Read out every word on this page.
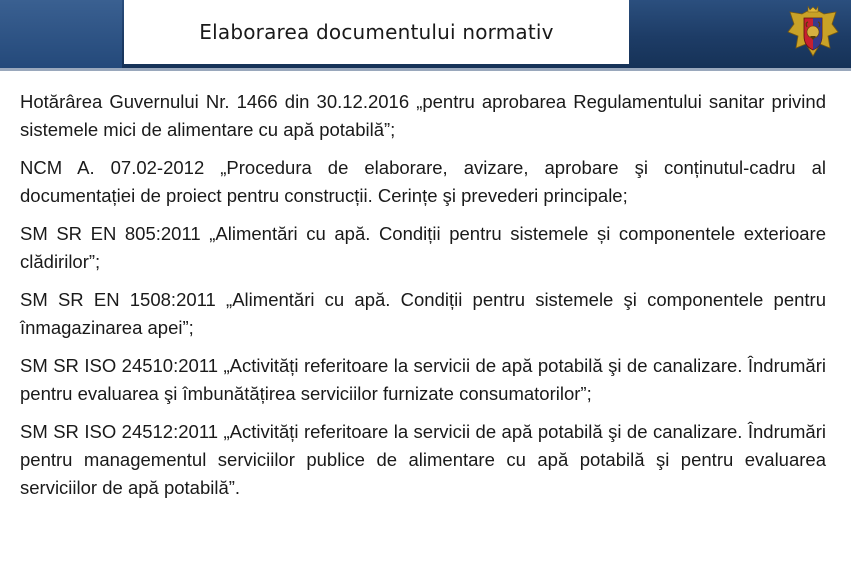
Elaborarea documentului normativ

Hotărârea Guvernului Nr. 1466 din 30.12.2016 „pentru aprobarea Regulamentului sanitar privind sistemele mici de alimentare cu apă potabilă”;

NCM A. 07.02-2012 „Procedura de elaborare, avizare, aprobare şi conținutul-cadru al documentației de proiect pentru construcții. Cerințe şi prevederi principale;

SM SR EN 805:2011 „Alimentări cu apă. Condiții pentru sistemele și componentele exterioare clădirilor”;

SM SR EN 1508:2011 „Alimentări cu apă. Condiții pentru sistemele şi componentele pentru înmagazinarea apei”;

SM SR ISO 24510:2011 „Activități referitoare la servicii de apă potabilă şi de canalizare. Îndrumări pentru evaluarea şi îmbunătățirea serviciilor furnizate consumatorilor”;

SM SR ISO 24512:2011 „Activități referitoare la servicii de apă potabilă şi de canalizare. Îndrumări pentru managementul serviciilor publice de alimentare cu apă potabilă şi pentru evaluarea serviciilor de apă potabilă”.
